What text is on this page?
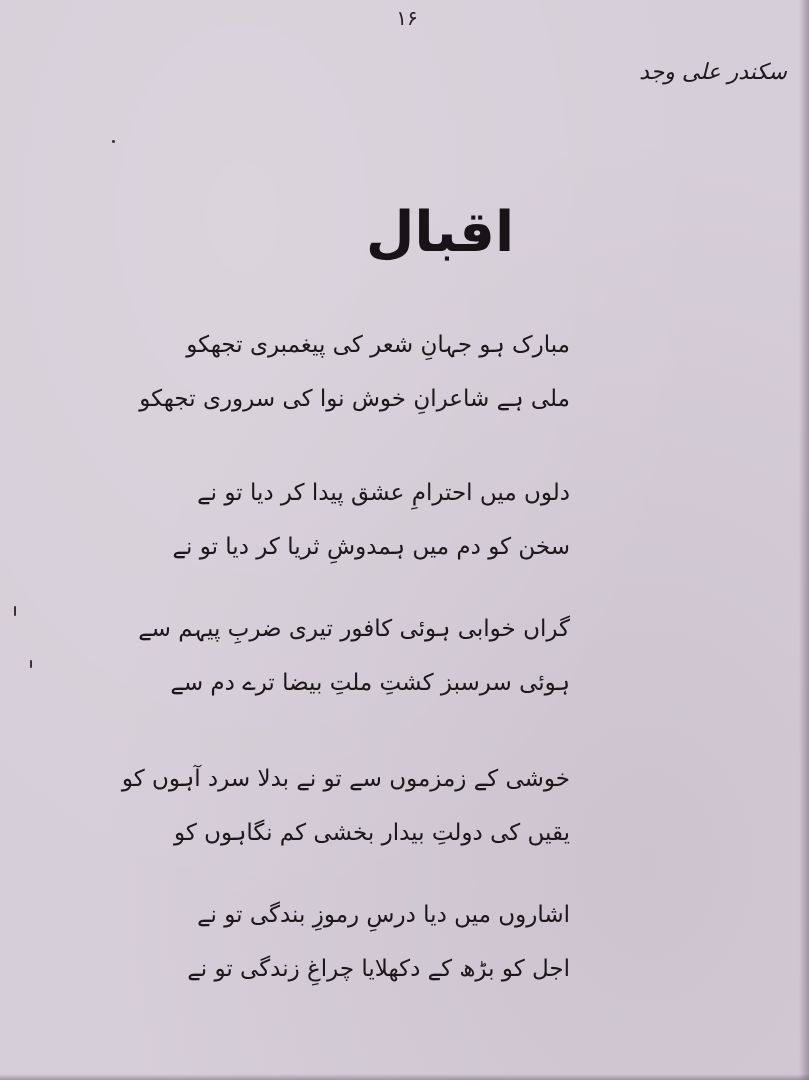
۱۶
سکندر علی وجد
اقبال
مبارک ہو جہانِ شعر کی پیغمبری تجھکو
ملی ہے شاعرانِ خوش نوا کی سروری تجھکو
دلوں میں احترامِ عشق پیدا کر دیا تو نے
سخن کو دم میں ہمدوشِ ثریا کر دیا تو نے
گراں خوابی ہوئی کافور تیری ضربِ پیہم سے
ہوئی سرسبز کشتِ ملتِ بیضا ترے دم سے
خوشی کے زمزموں سے تو نے بدلا سرد آہوں کو
یقیں کی دولتِ بیدار بخشی کم نگاہوں کو
اشاروں میں دیا درسِ رموزِ بندگی تو نے
اجل کو بڑھ کے دکھلایا چراغِ زندگی تو نے
